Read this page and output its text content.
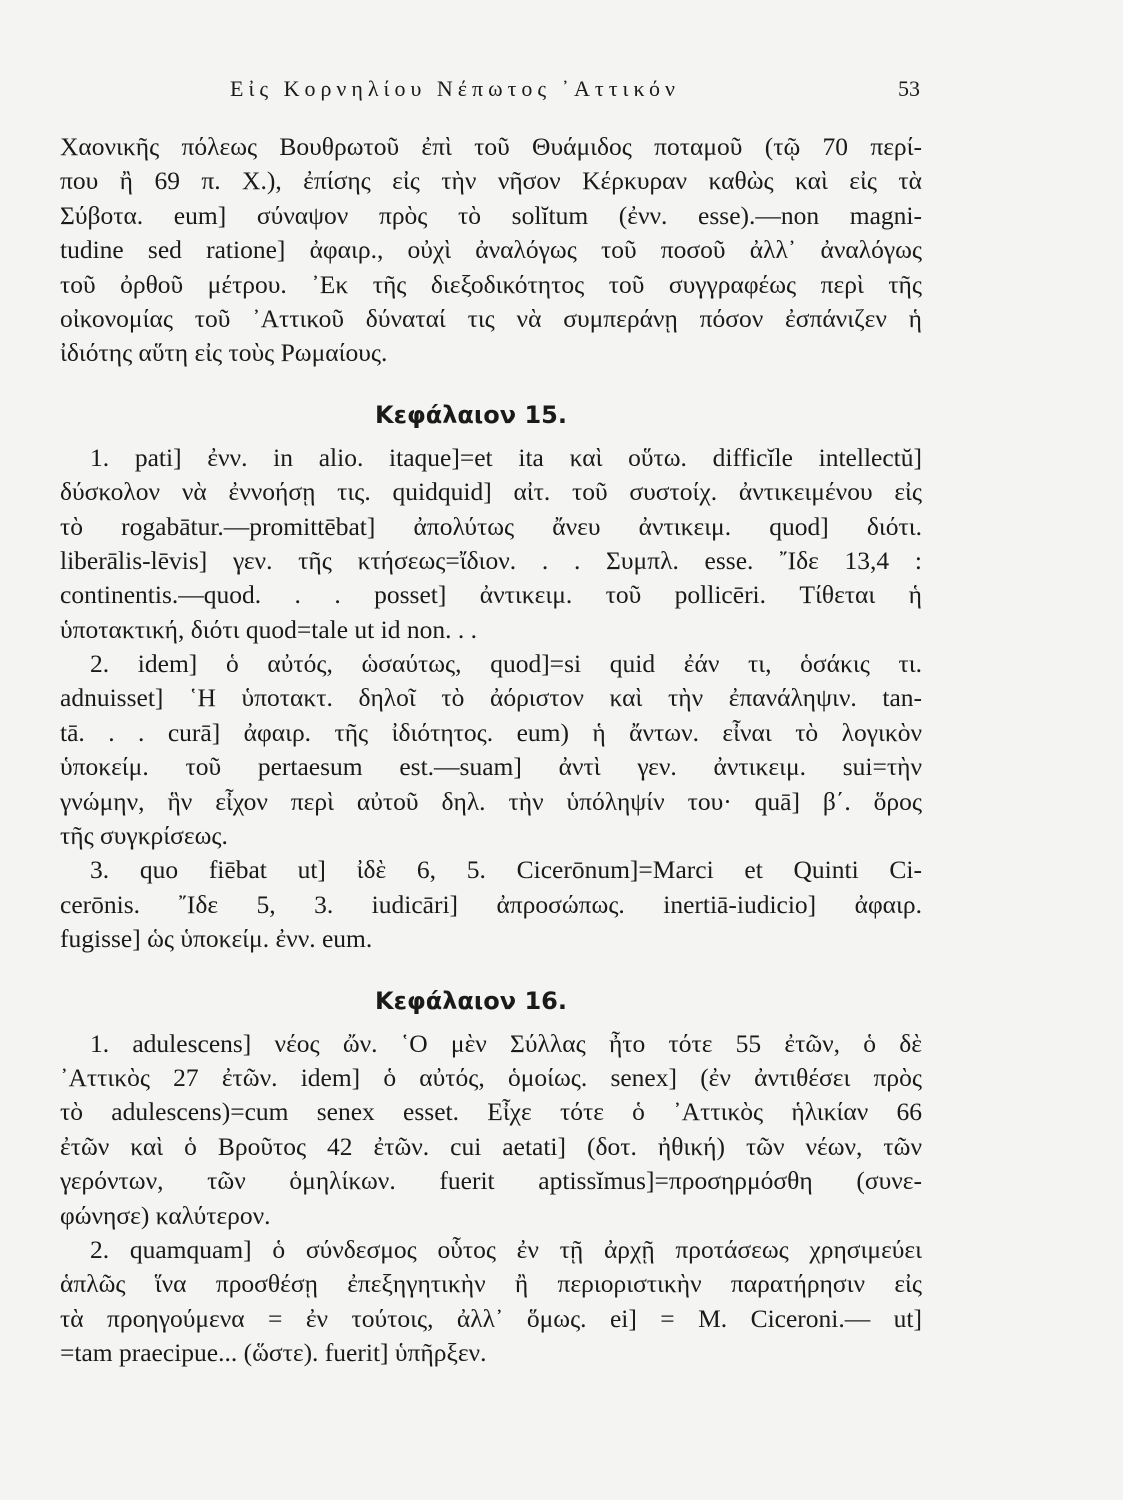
Εἰς Κορνηλίου Νέπωτος ᾿Αττικόν	53
Χαονικῆς πόλεως Βουθρωτοῦ ἐπὶ τοῦ Θυάμιδος ποταμοῦ (τῷ 70 περί-
που ἢ 69 π. Χ.), ἐπίσης εἰς τὴν νῆσον Κέρκυραν καθὼς καὶ εἰς τὰ
Σύβοτα. eum] σύναψον πρὸς τὸ solĭtum (ἐνν. esse).—non magni-
tudine sed ratione] ἀφαιρ., οὐχὶ ἀναλόγως τοῦ ποσοῦ ἀλλ᾿ ἀναλόγως
τοῦ ὀρθοῦ μέτρου. ᾿Εκ τῆς διεξοδικότητος τοῦ συγγραφέως περὶ τῆς
οἰκονομίας τοῦ ᾿Αττικοῦ δύναταί τις νὰ συμπεράνῃ πόσον ἐσπάνιζεν ἡ
ἰδιότης αὕτη εἰς τοὺς Ρωμαίους.
Κεφάλαιον 15.
1. pati] ἐνν. in alio. itaque]=et ita καὶ οὕτω. difficĭle intellectŭ]
δύσκολον νὰ ἐννοήσῃ τις. quidquid] αἰτ. τοῦ συστοίχ. ἀντικειμένου εἰς
τὸ rogabātur.—promittēbat] ἀπολύτως ἄνευ ἀντικειμ. quod] διότι.
liberālis-lēvis] γεν. τῆς κτήσεως=ἴδιον. . . Συμπλ. esse. ῎Ιδε 13,4 :
continentis.—quod. . . posset] ἀντικειμ. τοῦ pollicēri. Τίθεται ἡ
ὑποτακτική, διότι quod=tale ut id non. . .
2. idem] ὁ αὐτός, ὡσαύτως, quod]=si quid ἐάν τι, ὁσάκις τι.
adnuisset] ῾Η ὑποτακτ. δηλοῖ τὸ ἀόριστον καὶ τὴν ἐπανάληψιν. tan-
tā. . . curā] ἀφαιρ. τῆς ἰδιότητος. eum) ἡ ἄντων. εἶναι τὸ λογικὸν
ὑποκείμ. τοῦ pertaesum est.—suam] ἀντὶ γεν. ἀντικειμ. sui=τὴν
γνώμην, ἣν εἶχον περὶ αὐτοῦ δηλ. τὴν ὑπόληψίν του· quā] β΄. ὅρος
τῆς συγκρίσεως.
3. quo fiēbat ut] ἰδὲ 6, 5. Cicerōnum]=Marci et Quinti Ci-
cerōnis. ῎Ιδε 5, 3. iudicāri] ἀπροσώπως. inertiā-iudicio] ἀφαιρ.
fugisse] ὡς ὑποκείμ. ἐνν. eum.
Κεφάλαιον 16.
1. adulescens] νέος ὤν. ῾Ο μὲν Σύλλας ἦτο τότε 55 ἐτῶν, ὁ δὲ
᾿Αττικὸς 27 ἐτῶν. idem] ὁ αὐτός, ὁμοίως. senex] (ἐν ἀντιθέσει πρὸς
τὸ adulescens)=cum senex esset. Εἶχε τότε ὁ ᾿Αττικὸς ἡλικίαν 66
ἐτῶν καὶ ὁ Βροῦτος 42 ἐτῶν. cui aetati] (δοτ. ἠθική) τῶν νέων, τῶν
γερόντων, τῶν ὁμηλίκων. fuerit aptissĭmus]=προσηρμόσθη (συνε-
φώνησε) καλύτερον.
2. quamquam] ὁ σύνδεσμος οὗτος ἐν τῇ ἀρχῇ προτάσεως χρησιμεύει
ἁπλῶς ἵνα προσθέσῃ ἐπεξηγητικὴν ἢ περιοριστικὴν παρατήρησιν εἰς
τὰ προηγούμενα = ἐν τούτοις, ἀλλ᾿ ὅμως. ei] = M. Ciceroni.— ut]
=tam praecipue... (ὥστε). fuerit] ὑπῆρξεν.
